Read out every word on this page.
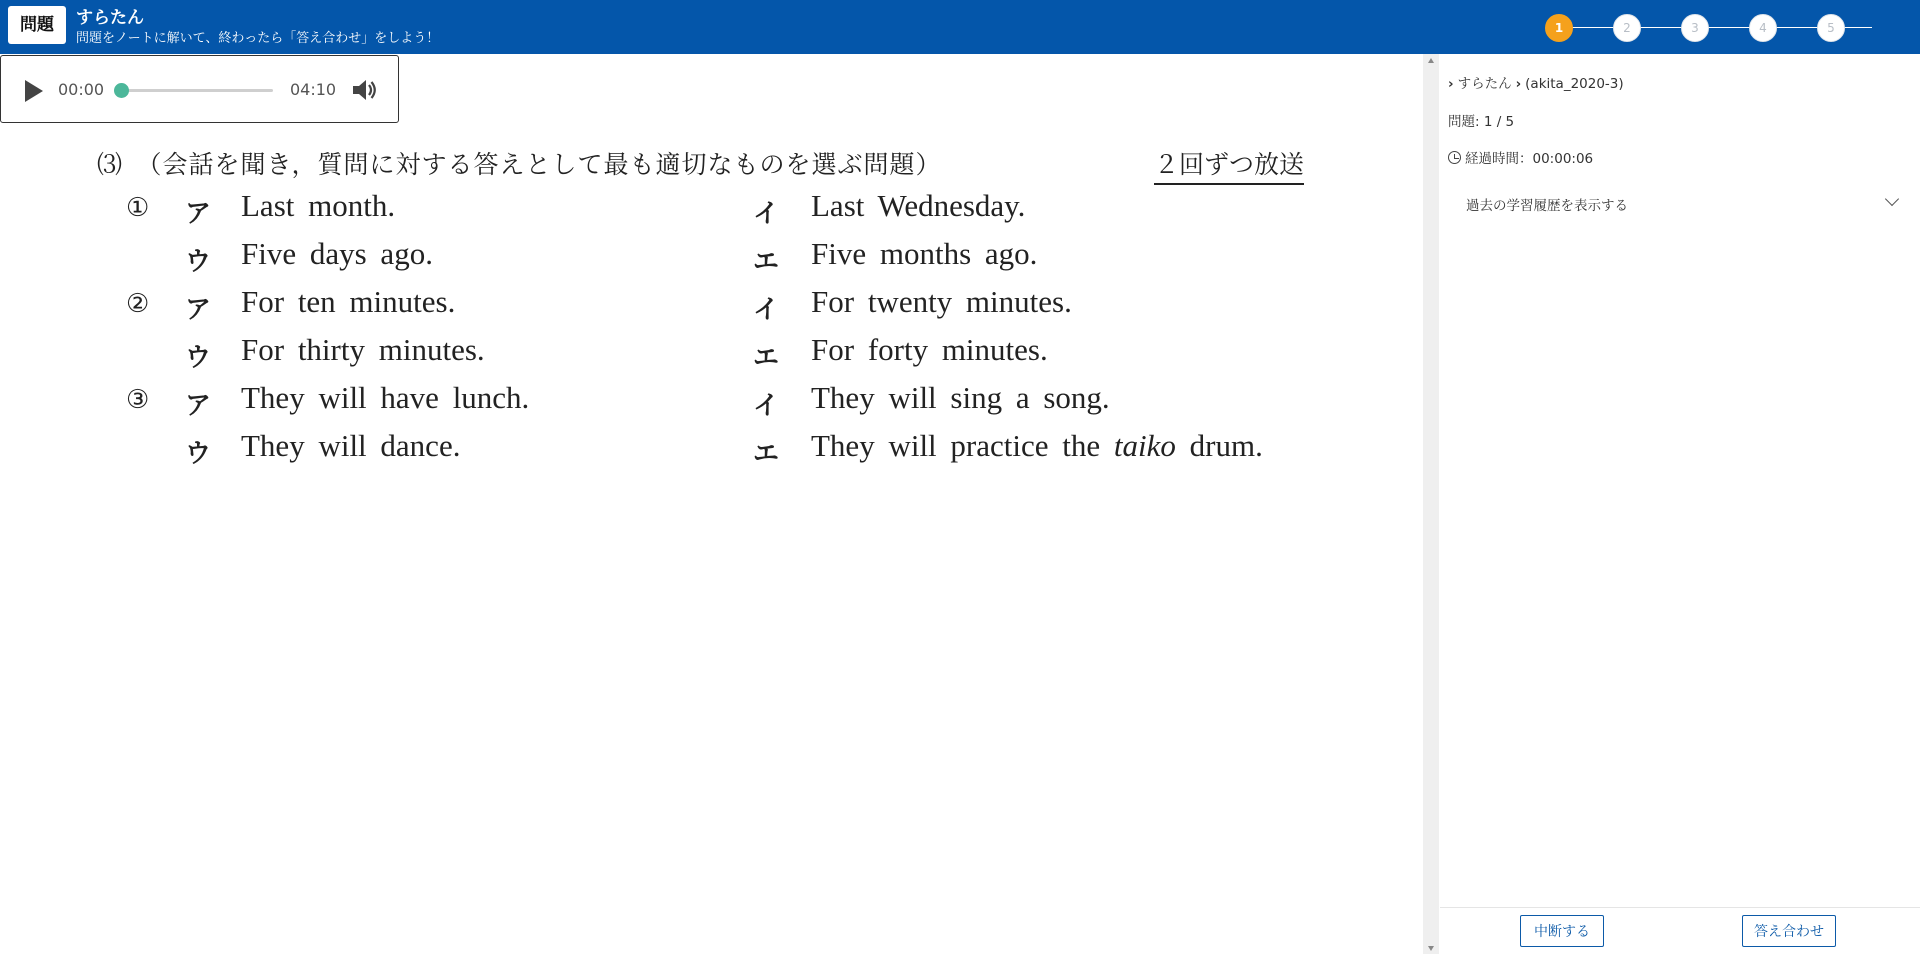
問題	すらたん
問題をノートに解いて、終わったら「答え合わせ」をしよう！
1	2	3	4	5
00:00	04:10
⑶　（会話を聞き，質問に対する答えとして最も適切なものを選ぶ問題）	２回ずつ放送
① ア Last month.	イ Last Wednesday.
ウ Five days ago.	エ Five months ago.
② ア For ten minutes.	イ For twenty minutes.
ウ For thirty minutes.	エ For forty minutes.
③ ア They will have lunch.	イ They will sing a song.
ウ They will dance.	エ They will practice the taiko drum.
› すらたん › (akita_2020-3)
問題: 1 / 5
経過時間：00:00:06
過去の学習履歴を表示する
中断する	答え合わせ
